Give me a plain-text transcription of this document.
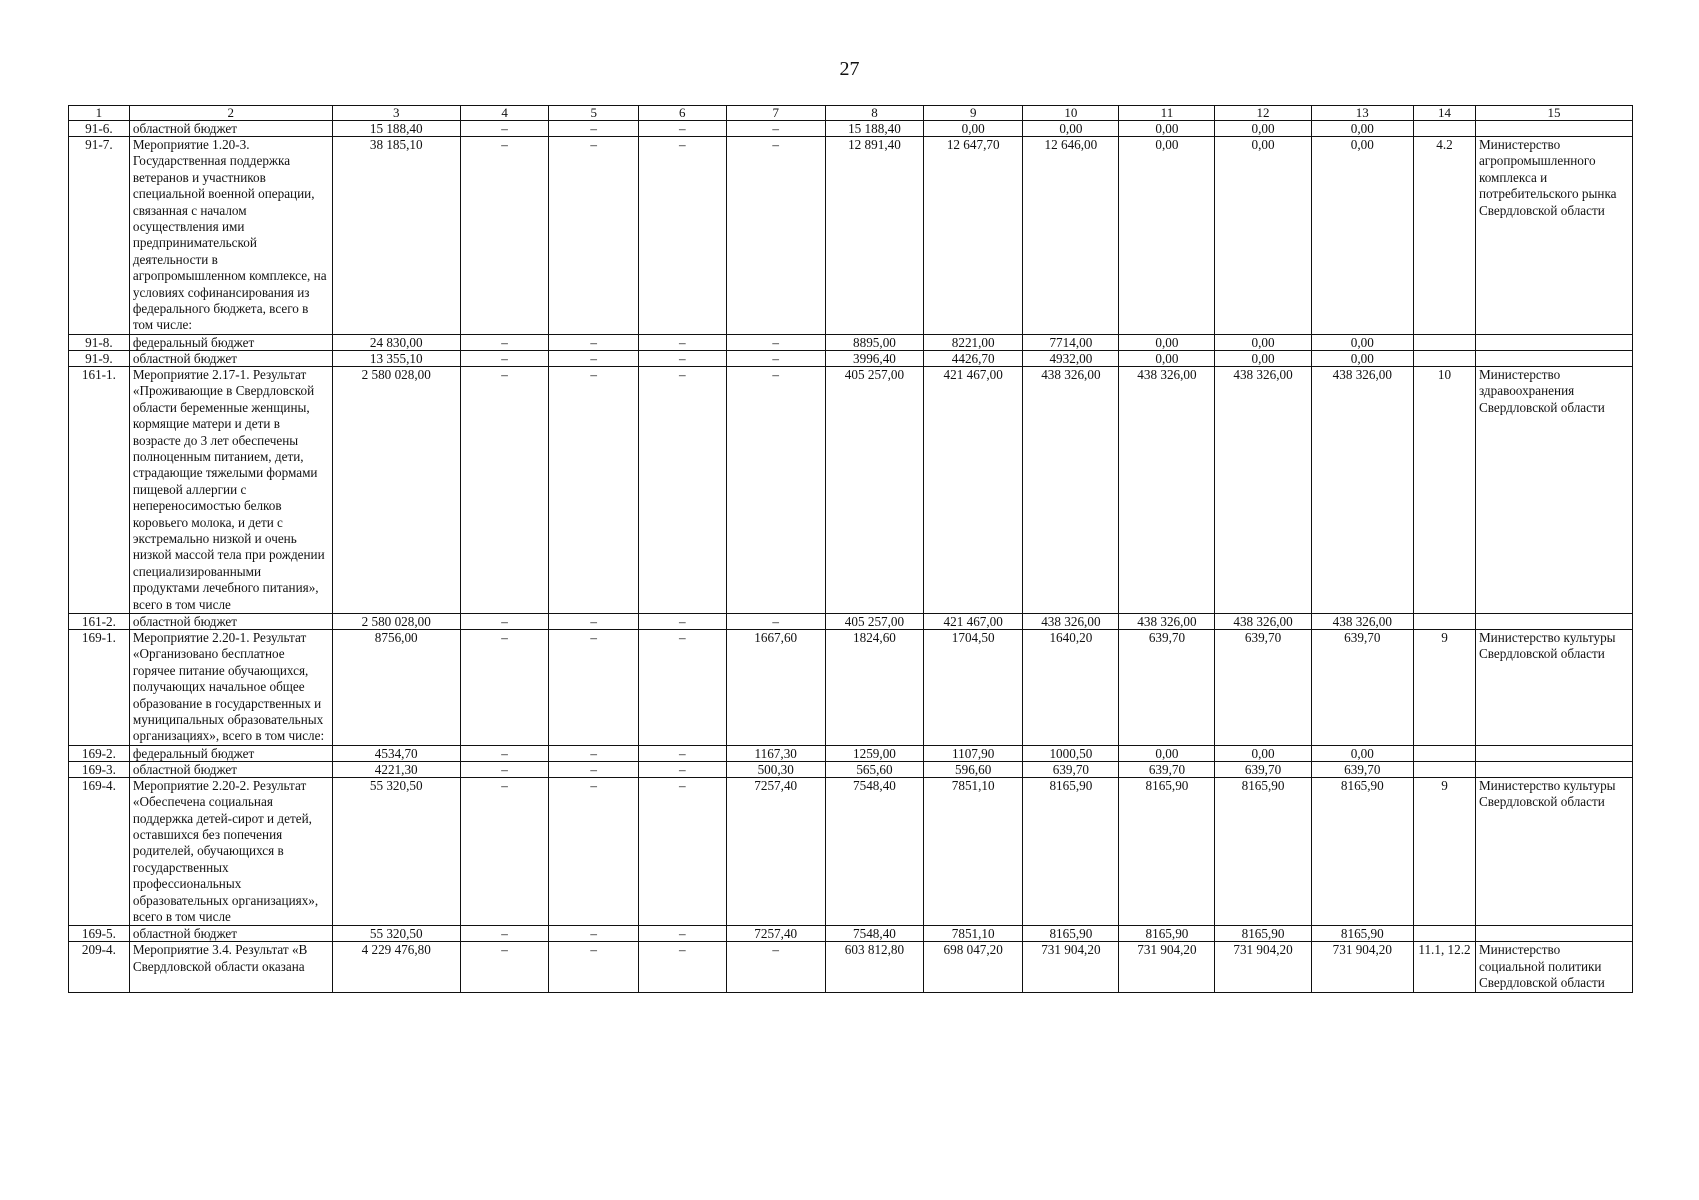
27
1	2	3	4	5	6	7	8	9	10	11	12	13	14	15
91-6.	областной бюджет	15 188,40	–	–	–	–	15 188,40	0,00	0,00	0,00	0,00	0,00		
91-7.	Мероприятие 1.20-3. Государственная поддержка ветеранов и участников специальной военной операции, связанная с началом осуществления ими предпринимательской деятельности в агропромышленном комплексе, на условиях софинансирования из федерального бюджета, всего в том числе:	38 185,10	–	–	–	–	12 891,40	12 647,70	12 646,00	0,00	0,00	0,00	4.2	Министерство агропромышленного комплекса и потребительского рынка Свердловской области
91-8.	федеральный бюджет	24 830,00	–	–	–	–	8895,00	8221,00	7714,00	0,00	0,00	0,00		
91-9.	областной бюджет	13 355,10	–	–	–	–	3996,40	4426,70	4932,00	0,00	0,00	0,00		
161-1.	Мероприятие 2.17-1. Результат «Проживающие в Свердловской области беременные женщины, кормящие матери и дети в возрасте до 3 лет обеспечены полноценным питанием, дети, страдающие тяжелыми формами пищевой аллергии с непереносимостью белков коровьего молока, и дети с экстремально низкой и очень низкой массой тела при рождении специализированными продуктами лечебного питания», всего в том числе	2 580 028,00	–	–	–	–	405 257,00	421 467,00	438 326,00	438 326,00	438 326,00	438 326,00	10	Министерство здравоохранения Свердловской области
161-2.	областной бюджет	2 580 028,00	–	–	–	–	405 257,00	421 467,00	438 326,00	438 326,00	438 326,00	438 326,00		
169-1.	Мероприятие 2.20-1. Результат «Организовано бесплатное горячее питание обучающихся, получающих начальное общее образование в государственных и муниципальных образовательных организациях», всего в том числе:	8756,00	–	–	–	1667,60	1824,60	1704,50	1640,20	639,70	639,70	639,70	9	Министерство культуры Свердловской области
169-2.	федеральный бюджет	4534,70	–	–	–	1167,30	1259,00	1107,90	1000,50	0,00	0,00	0,00		
169-3.	областной бюджет	4221,30	–	–	–	500,30	565,60	596,60	639,70	639,70	639,70	639,70		
169-4.	Мероприятие 2.20-2. Результат «Обеспечена социальная поддержка детей-сирот и детей, оставшихся без попечения родителей, обучающихся в государственных профессиональных образовательных организациях», всего в том числе	55 320,50	–	–	–	7257,40	7548,40	7851,10	8165,90	8165,90	8165,90	8165,90	9	Министерство культуры Свердловской области
169-5.	областной бюджет	55 320,50	–	–	–	7257,40	7548,40	7851,10	8165,90	8165,90	8165,90	8165,90		
209-4.	Мероприятие 3.4. Результат «В Свердловской области оказана	4 229 476,80	–	–	–	–	603 812,80	698 047,20	731 904,20	731 904,20	731 904,20	731 904,20	11.1, 12.2	Министерство социальной политики Свердловской области
